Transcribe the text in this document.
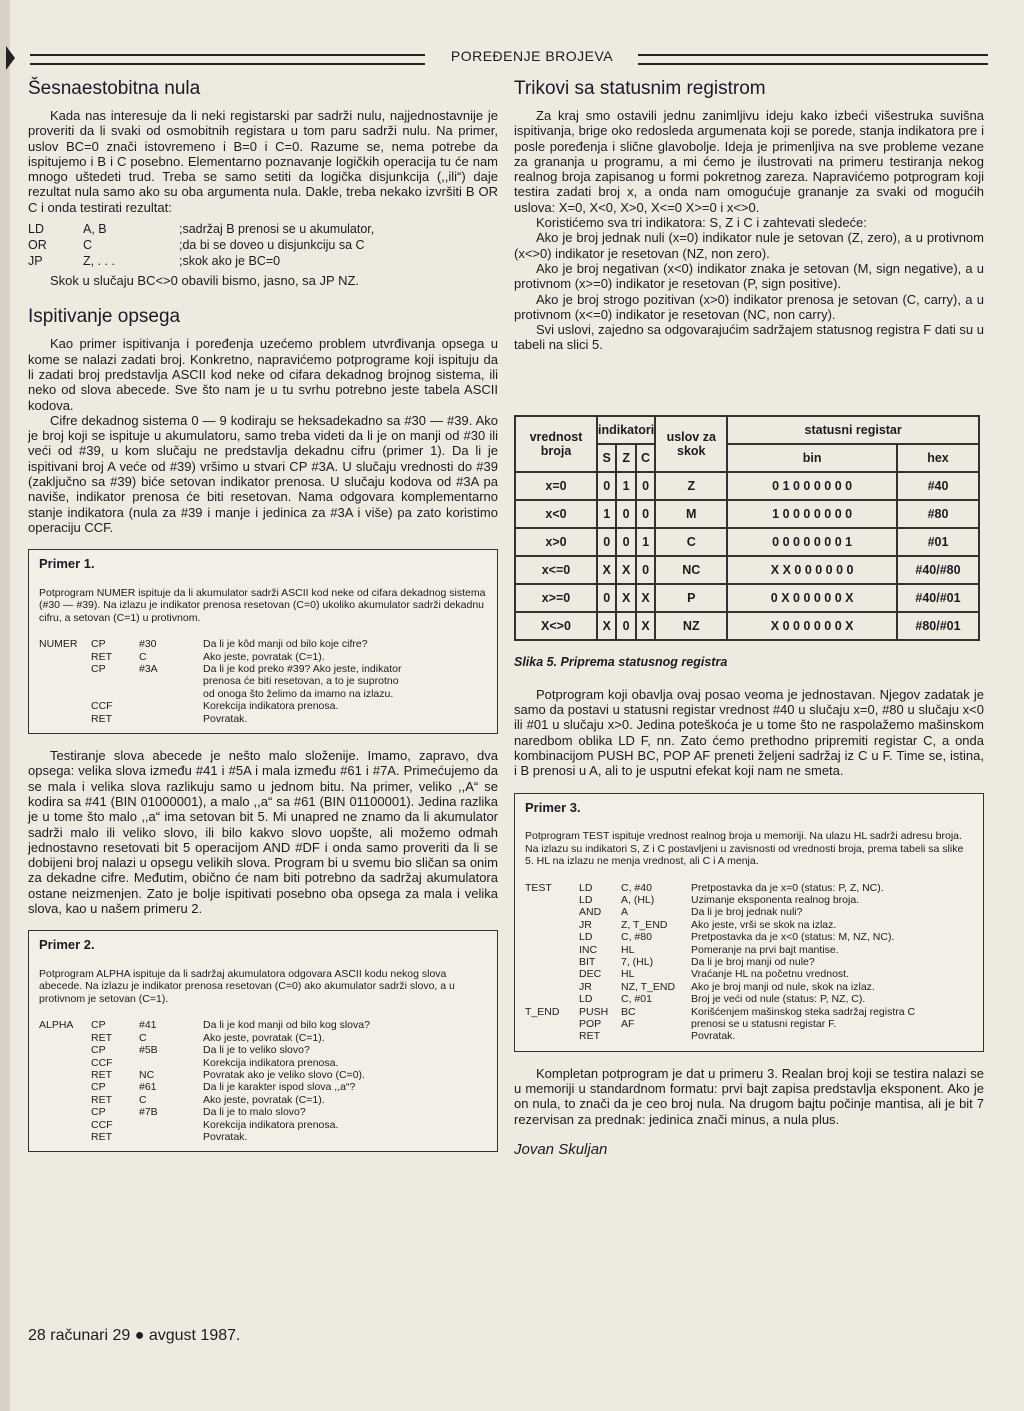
POREĐENJE BROJEVA
Šesnaestobitna nula

Kada nas interesuje da li neki registarski par sadrži nulu, najjednostavnije je proveriti da li svaki od osmobitnih registara u tom paru sadrži nulu. Na primer, uslov BC=0 znači istovremeno i B=0 i C=0. Razume se, nema potrebe da ispitujemo i B i C posebno. Elementarno poznavanje logičkih operacija tu će nam mnogo uštedeti trud. Treba se samo setiti da logička disjunkcija (,,ili“) daje rezultat nula samo ako su oba argumenta nula. Dakle, treba nekako izvršiti B OR C i onda testirati rezultat:

LD	A, B	;sadržaj B prenosi se u akumulator,
OR	C	;da bi se doveo u disjunkciju sa C
JP	Z, . . .	;skok ako je BC=0

Skok u slučaju BC<>0 obavili bismo, jasno, sa JP NZ.

Ispitivanje opsega

Kao primer ispitivanja i poređenja uzećemo problem utvrđivanja opsega u kome se nalazi zadati broj. Konkretno, napravićemo potprograme koji ispituju da li zadati broj predstavlja ASCII kod neke od cifara dekadnog brojnog sistema, ili neko od slova abecede. Sve što nam je u tu svrhu potrebno jeste tabela ASCII kodova.

Cifre dekadnog sistema 0 — 9 kodiraju se heksadekadno sa #30 — #39. Ako je broj koji se ispituje u akumulatoru, samo treba videti da li je on manji od #30 ili veći od #39, u kom slučaju ne predstavlja dekadnu cifru (primer 1). Da li je ispitivani broj A veće od #39) vršimo u stvari CP #3A. U slučaju vrednosti do #39 (zaključno sa #39) biće setovan indikator prenosa. U slučaju kodova od #3A pa naviše, indikator prenosa će biti resetovan. Nama odgovara komplementarno stanje indikatora (nula za #39 i manje i jedinica za #3A i više) pa zato koristimo operaciju CCF.

Primer 1.
Potprogram NUMER ispituje da li akumulator sadrži ASCII kod neke od cifara dekadnog sistema (#30 — #39). Na izlazu je indikator prenosa resetovan (C=0) ukoliko akumulator sadrži dekadnu cifru, a setovan (C=1) u protivnom.
NUMER	CP	#30	Da li je kôd manji od bilo koje cifre?
	RET	C	Ako jeste, povratak (C=1).
	CP	#3A	Da li je kod preko #39? Ako jeste, indikator
			prenosa će biti resetovan, a to je suprotno
			od onoga što želimo da imamo na izlazu.
	CCF		Korekcija indikatora prenosa.
	RET		Povratak.

Testiranje slova abecede je nešto malo složenije. Imamo, zapravo, dva opsega: velika slova između #41 i #5A i mala između #61 i #7A. Primećujemo da se mala i velika slova razlikuju samo u jednom bitu. Na primer, veliko ,,A“ se kodira sa #41 (BIN 01000001), a malo ,,a“ sa #61 (BIN 01100001). Jedina razlika je u tome što malo ,,a“ ima setovan bit 5. Mi unapred ne znamo da li akumulator sadrži malo ili veliko slovo, ili bilo kakvo slovo uopšte, ali možemo odmah jednostavno resetovati bit 5 operacijom AND #DF i onda samo proveriti da li se dobijeni broj nalazi u opsegu velikih slova. Program bi u svemu bio sličan sa onim za dekadne cifre. Međutim, obično će nam biti potrebno da sadržaj akumulatora ostane neizmenjen. Zato je bolje ispitivati posebno oba opsega za mala i velika slova, kao u našem primeru 2.

Primer 2.
Potprogram ALPHA ispituje da li sadržaj akumulatora odgovara ASCII kodu nekog slova abecede. Na izlazu je indikator prenosa resetovan (C=0) ako akumulator sadrži slovo, a u protivnom je setovan (C=1).
ALPHA	CP	#41	Da li je kod manji od bilo kog slova?
	RET	C	Ako jeste, povratak (C=1).
	CP	#5B	Da li je to veliko slovo?
	CCF		Korekcija indikatora prenosa.
	RET	NC	Povratak ako je veliko slovo (C=0).
	CP	#61	Da li je karakter ispod slova ,,a“?
	RET	C	Ako jeste, povratak (C=1).
	CP	#7B	Da li je to malo slovo?
	CCF		Korekcija indikatora prenosa.
	RET		Povratak.
Trikovi sa statusnim registrom

Za kraj smo ostavili jednu zanimljivu ideju kako izbeći višestruka suvišna ispitivanja, brige oko redosleda argumenata koji se porede, stanja indikatora pre i posle poređenja i slične glavobolje. Ideja je primenljiva na sve probleme vezane za grananja u programu, a mi ćemo je ilustrovati na primeru testiranja nekog realnog broja zapisanog u formi pokretnog zareza. Napravićemo potprogram koji testira zadati broj x, a onda nam omogućuje grananje za svaki od mogućih uslova: X=0, X<0, X>0, X<=0 X>=0 i x<>0.

Koristićemo sva tri indikatora: S, Z i C i zahtevati sledeće:

Ako je broj jednak nuli (x=0) indikator nule je setovan (Z, zero), a u protivnom (x<>0) indikator je resetovan (NZ, non zero).

Ako je broj negativan (x<0) indikator znaka je setovan (M, sign negative), a u protivnom (x>=0) indikator je resetovan (P, sign positive).

Ako je broj strogo pozitivan (x>0) indikator prenosa je setovan (C, carry), a u protivnom (x<=0) indikator je resetovan (NC, non carry).

Svi uslovi, zajedno sa odgovarajućim sadržajem statusnog registra F dati su u tabeli na slici 5.

vrednost broja	indikatori			uslov za skok	statusni registar	
	S	Z	C		bin	hex
x=0	0	1	0	Z	0 1 0 0 0 0 0 0	#40
x<0	1	0	0	M	1 0 0 0 0 0 0 0	#80
x>0	0	0	1	C	0 0 0 0 0 0 0 1	#01
x<=0	X	X	0	NC	X X 0 0 0 0 0 0	#40/#80
x>=0	0	X	X	P	0 X 0 0 0 0 0 X	#40/#01
X<>0	X	0	X	NZ	X 0 0 0 0 0 0 X	#80/#01
Slika 5. Priprema statusnog registra

Potprogram koji obavlja ovaj posao veoma je jednostavan. Njegov zadatak je samo da postavi u statusni registar vrednost #40 u slučaju x=0, #80 u slučaju x<0 ili #01 u slučaju x>0. Jedina poteškoća je u tome što ne raspolažemo mašinskom naredbom oblika LD F, nn. Zato ćemo prethodno pripremiti registar C, a onda kombinacijom PUSH BC, POP AF preneti željeni sadržaj iz C u F. Time se, istina, i B prenosi u A, ali to je usputni efekat koji nam ne smeta.

Primer 3.
Potprogram TEST ispituje vrednost realnog broja u memoriji. Na ulazu HL sadrži adresu broja. Na izlazu su indikatori S, Z i C postavljeni u zavisnosti od vrednosti broja, prema tabeli sa slike 5. HL na izlazu ne menja vrednost, ali C i A menja.
TEST	LD	C, #40	Pretpostavka da je x=0 (status: P, Z, NC).
	LD	A, (HL)	Uzimanje eksponenta realnog broja.
	AND	A	Da li je broj jednak nuli?
	JR	Z, T_END	Ako jeste, vrši se skok na izlaz.
	LD	C, #80	Pretpostavka da je x<0 (status: M, NZ, NC).
	INC	HL	Pomeranje na prvi bajt mantise.
	BIT	7, (HL)	Da li je broj manji od nule?
	DEC	HL	Vraćanje HL na početnu vrednost.
	JR	NZ, T_END	Ako je broj manji od nule, skok na izlaz.
	LD	C, #01	Broj je veći od nule (status: P, NZ, C).
T_END	PUSH	BC	Korišćenjem mašinskog steka sadržaj registra C
	POP	AF	prenosi se u statusni registar F.
	RET		Povratak.

Kompletan potprogram je dat u primeru 3. Realan broj koji se testira nalazi se u memoriji u standardnom formatu: prvi bajt zapisa predstavlja eksponent. Ako je on nula, to znači da je ceo broj nula. Na drugom bajtu počinje mantisa, ali je bit 7 rezervisan za prednak: jedinica znači minus, a nula plus.

Jovan Skuljan
28 računari 29 ● avgust 1987.
